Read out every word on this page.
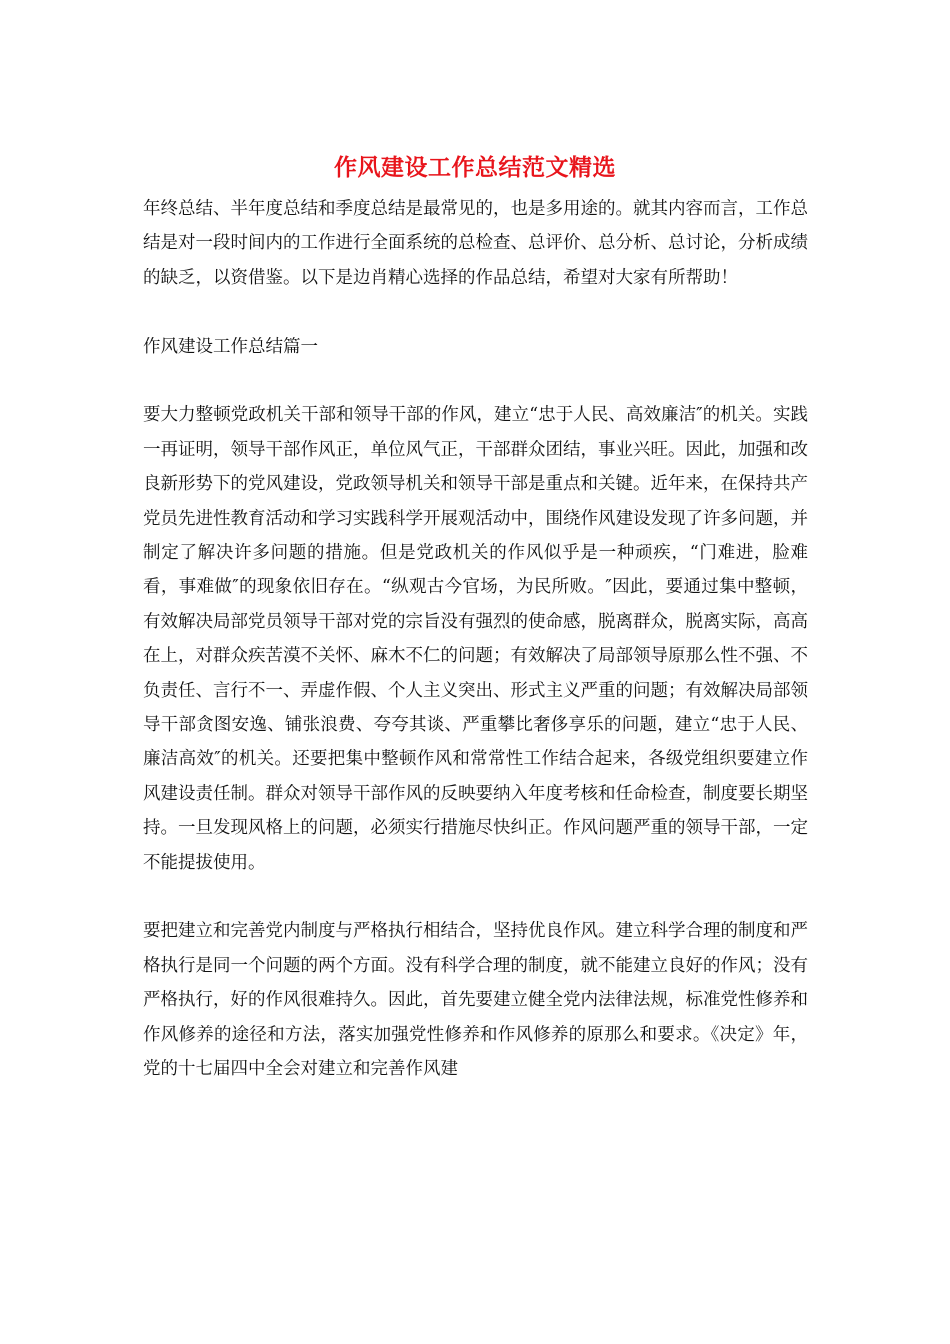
作风建设工作总结范文精选

年终总结、半年度总结和季度总结是最常见的，也是多用途的。就其内容而言，工作总结是对一段时间内的工作进行全面系统的总检查、总评价、总分析、总讨论，分析成绩的缺乏，以资借鉴。以下是边肖精心选择的作品总结，希望对大家有所帮助！

作风建设工作总结篇一

要大力整顿党政机关干部和领导干部的作风，建立“忠于人民、高效廉洁″的机关。实践一再证明，领导干部作风正，单位风气正，干部群众团结，事业兴旺。因此，加强和改良新形势下的党风建设，党政领导机关和领导干部是重点和关键。近年来，在保持共产党员先进性教育活动和学习实践科学开展观活动中，围绕作风建设发现了许多问题，并制定了解决许多问题的措施。但是党政机关的作风似乎是一种顽疾，“门难进，脸难看，事难做″的现象依旧存在。“纵观古今官场，为民所败。″因此，要通过集中整顿，有效解决局部党员领导干部对党的宗旨没有强烈的使命感，脱离群众，脱离实际，高高在上，对群众疾苦漠不关怀、麻木不仁的问题；有效解决了局部领导原那么性不强、不负责任、言行不一、弄虚作假、个人主义突出、形式主义严重的问题；有效解决局部领导干部贪图安逸、铺张浪费、夸夸其谈、严重攀比奢侈享乐的问题，建立“忠于人民、廉洁高效″的机关。还要把集中整顿作风和常常性工作结合起来，各级党组织要建立作风建设责任制。群众对领导干部作风的反映要纳入年度考核和任命检查，制度要长期坚持。一旦发现风格上的问题，必须实行措施尽快纠正。作风问题严重的领导干部，一定不能提拔使用。

要把建立和完善党内制度与严格执行相结合，坚持优良作风。建立科学合理的制度和严格执行是同一个问题的两个方面。没有科学合理的制度，就不能建立良好的作风；没有严格执行，好的作风很难持久。因此，首先要建立健全党内法律法规，标准党性修养和作风修养的途径和方法，落实加强党性修养和作风修养的原那么和要求。《决定》年，党的十七届四中全会对建立和完善作风建
